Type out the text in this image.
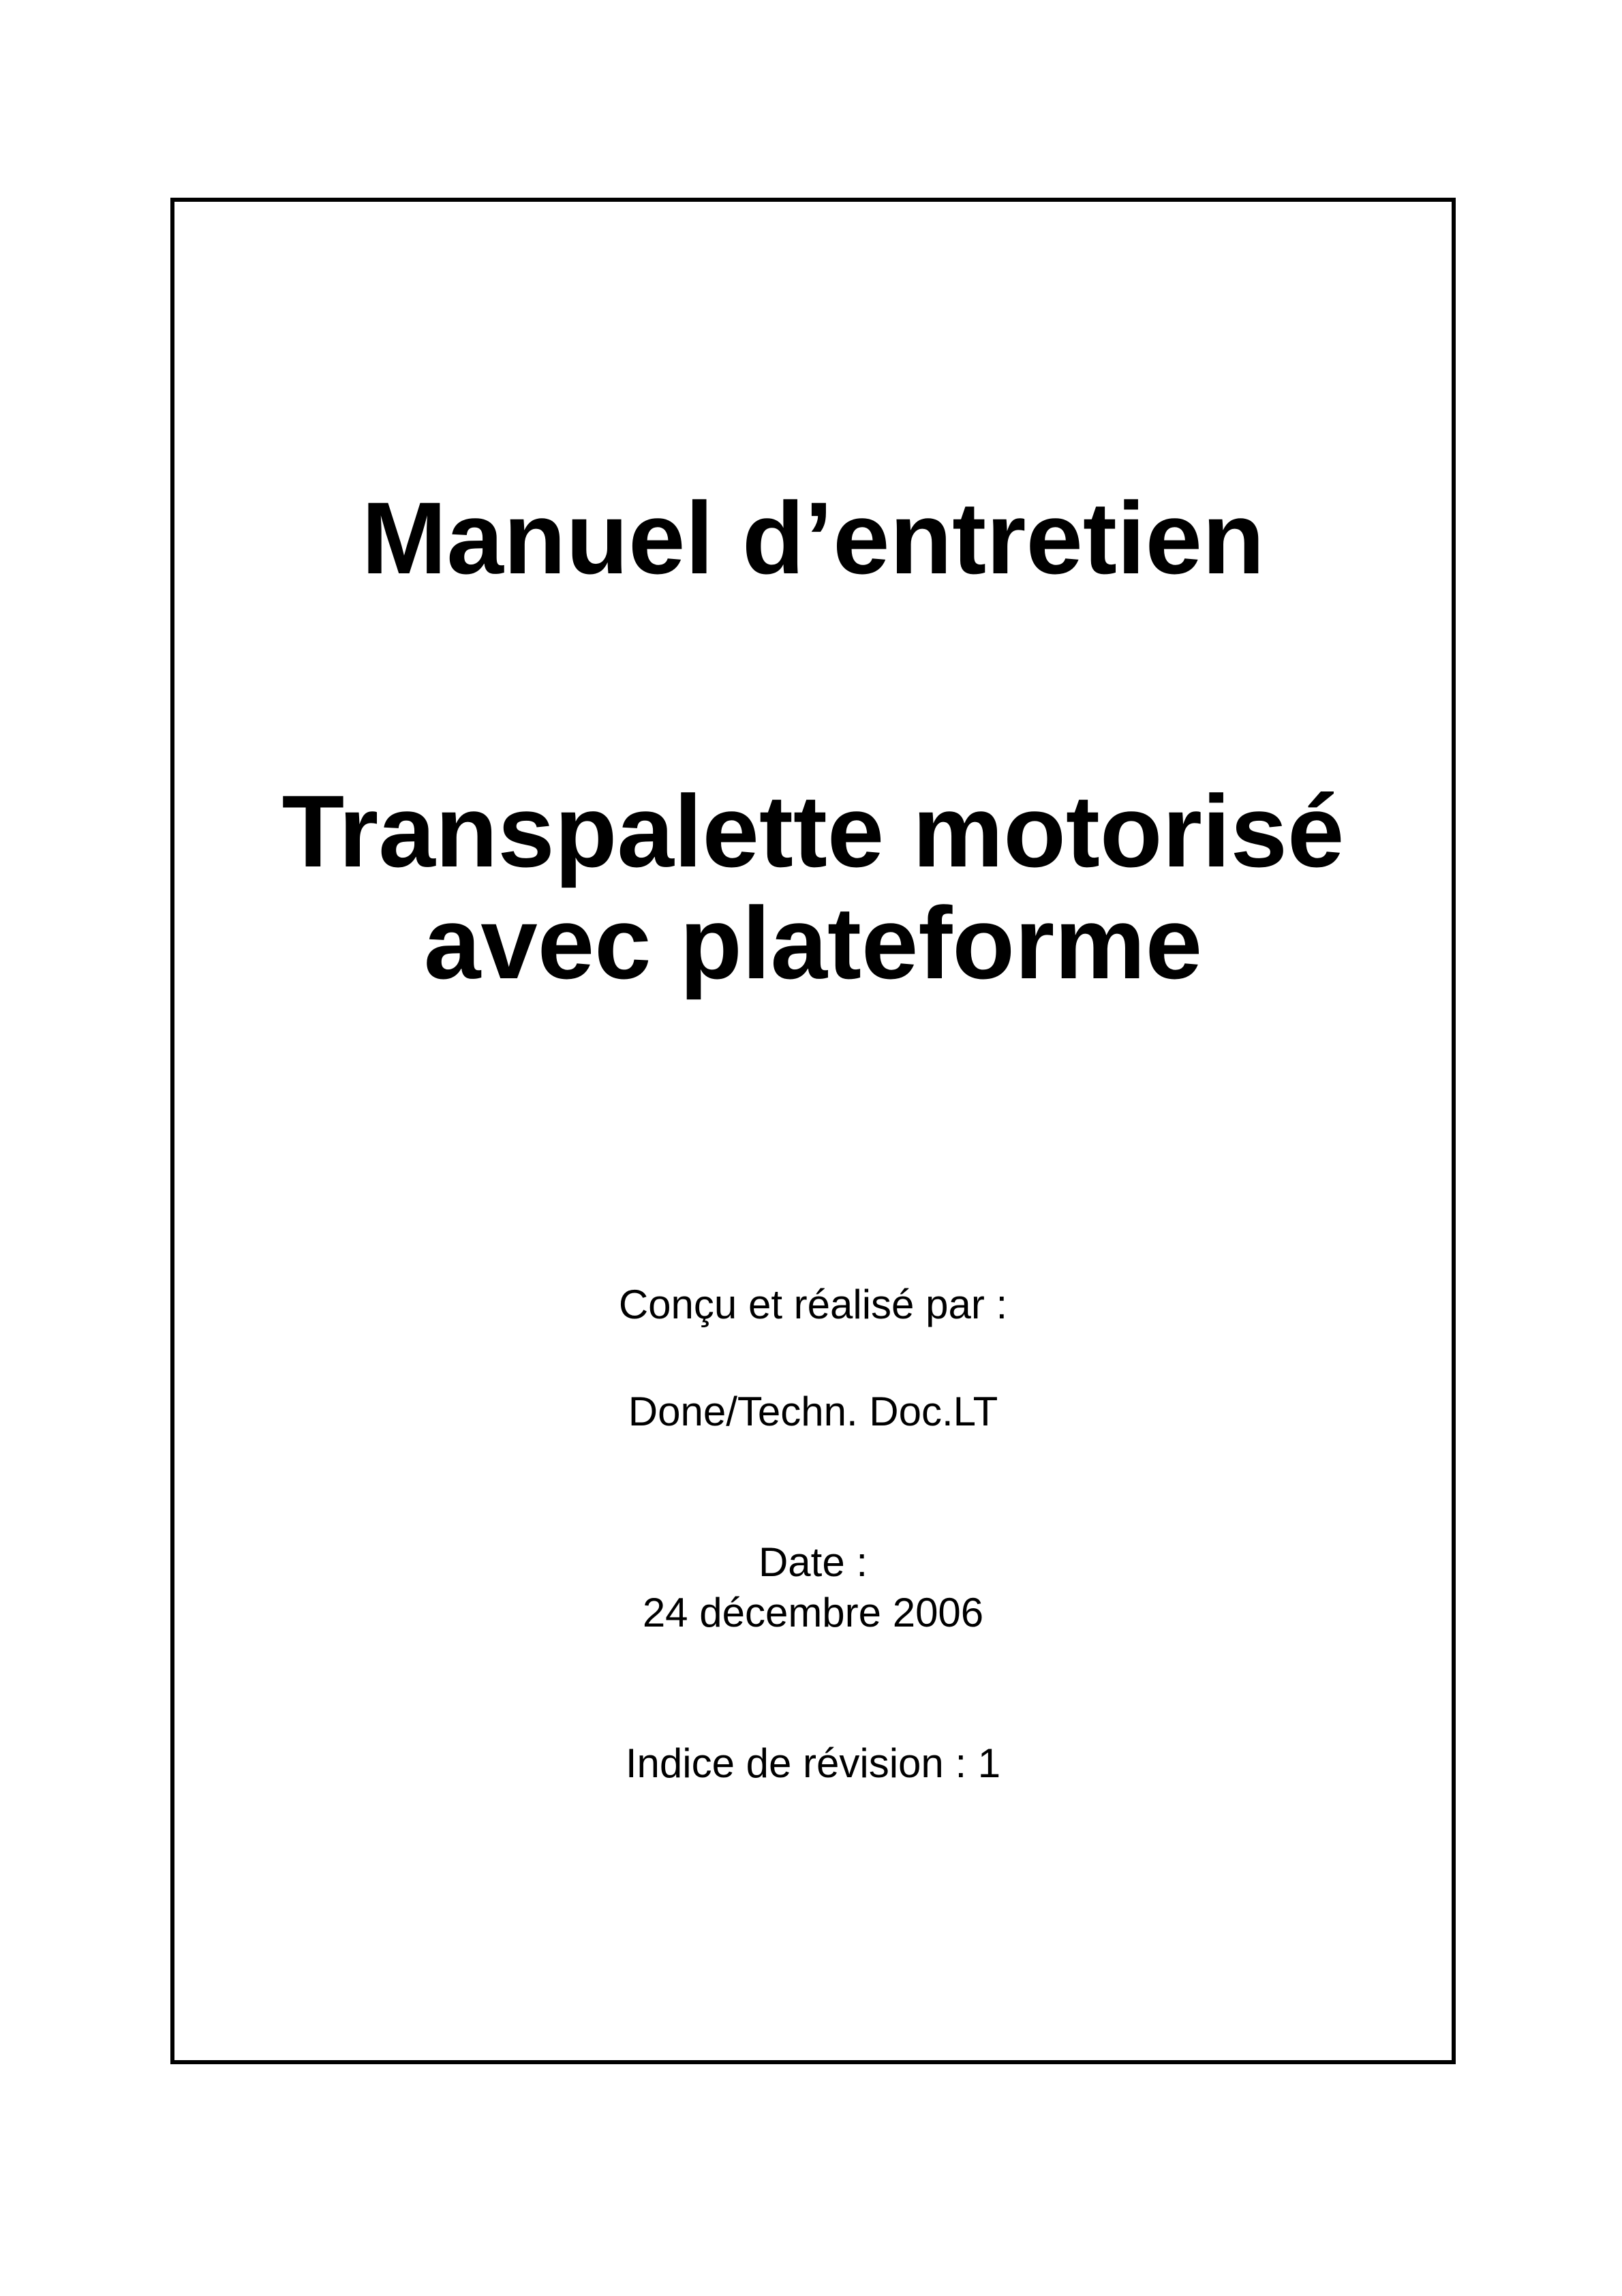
Manuel d’entretien
Transpalette motorisé
avec plateforme
Conçu et réalisé par :
Done/Techn. Doc.LT
Date :
24 décembre 2006
Indice de révision : 1
